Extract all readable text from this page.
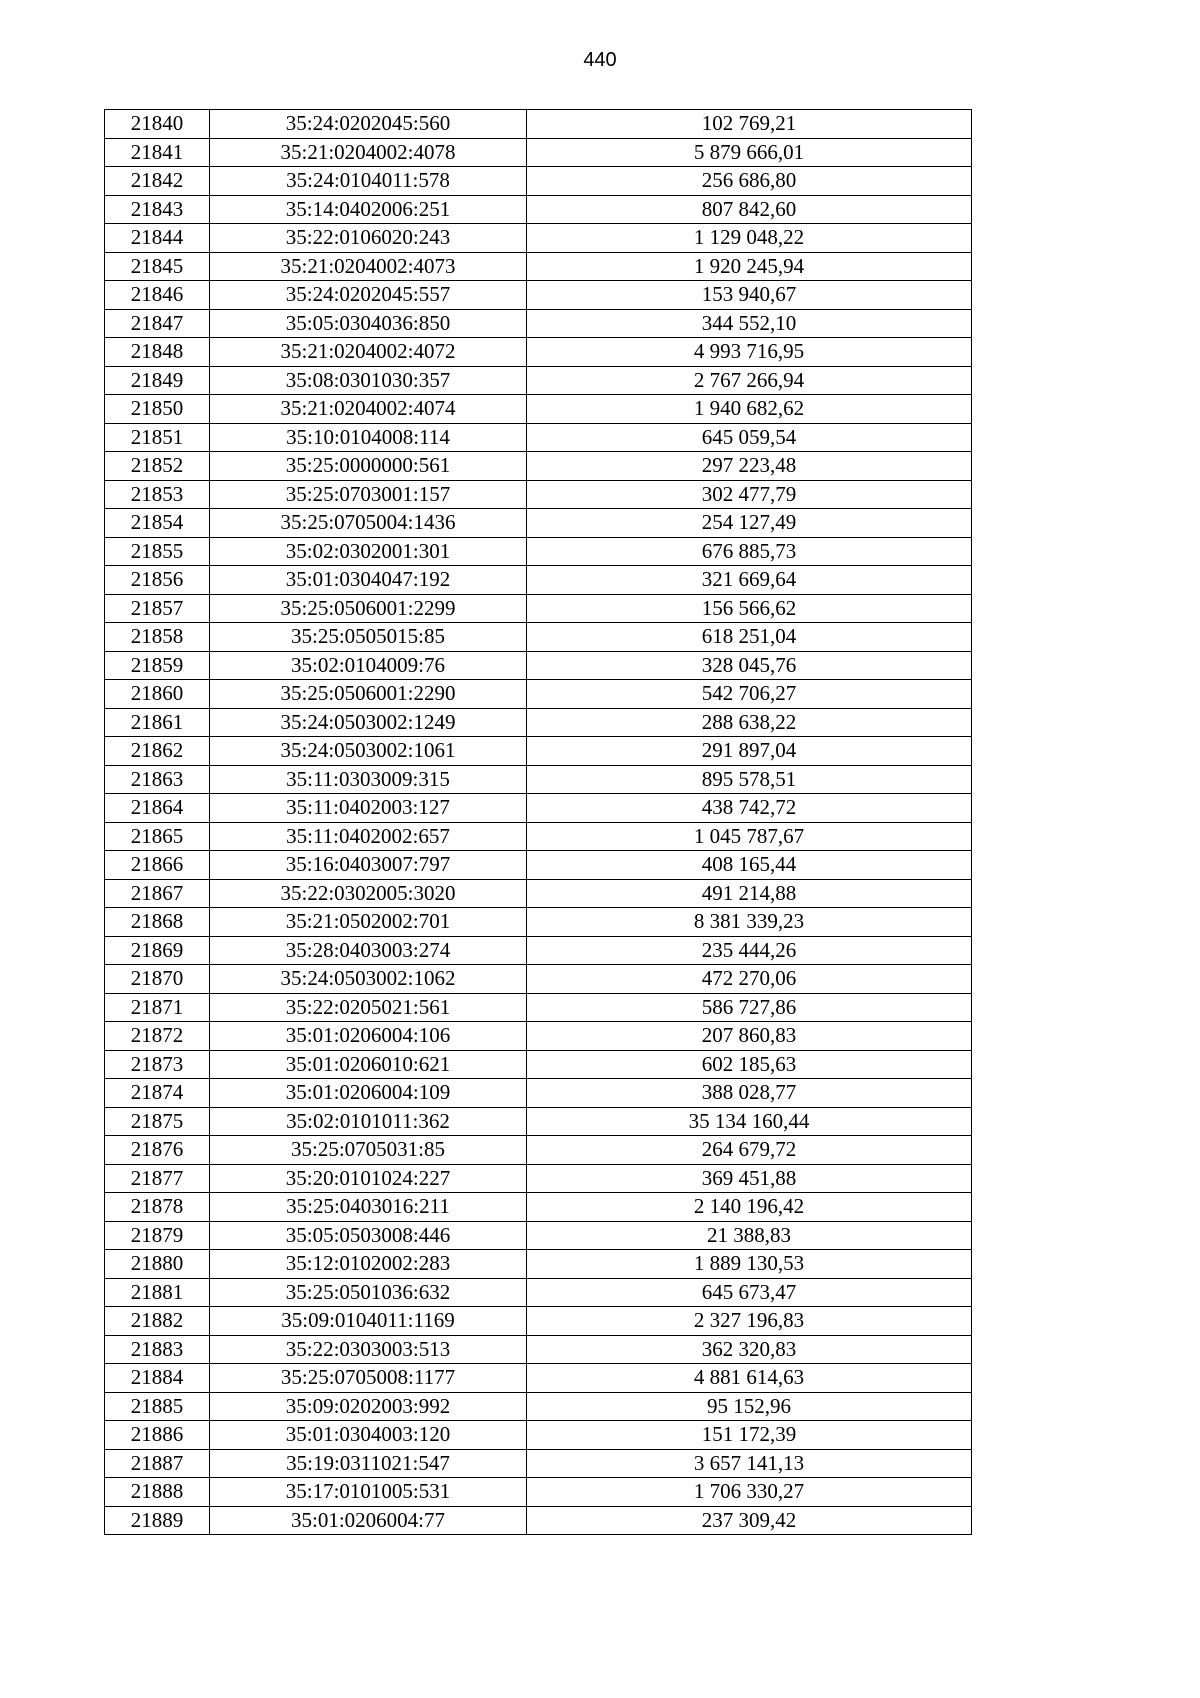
440
21840	35:24:0202045:560	102 769,21
21841	35:21:0204002:4078	5 879 666,01
21842	35:24:0104011:578	256 686,80
21843	35:14:0402006:251	807 842,60
21844	35:22:0106020:243	1 129 048,22
21845	35:21:0204002:4073	1 920 245,94
21846	35:24:0202045:557	153 940,67
21847	35:05:0304036:850	344 552,10
21848	35:21:0204002:4072	4 993 716,95
21849	35:08:0301030:357	2 767 266,94
21850	35:21:0204002:4074	1 940 682,62
21851	35:10:0104008:114	645 059,54
21852	35:25:0000000:561	297 223,48
21853	35:25:0703001:157	302 477,79
21854	35:25:0705004:1436	254 127,49
21855	35:02:0302001:301	676 885,73
21856	35:01:0304047:192	321 669,64
21857	35:25:0506001:2299	156 566,62
21858	35:25:0505015:85	618 251,04
21859	35:02:0104009:76	328 045,76
21860	35:25:0506001:2290	542 706,27
21861	35:24:0503002:1249	288 638,22
21862	35:24:0503002:1061	291 897,04
21863	35:11:0303009:315	895 578,51
21864	35:11:0402003:127	438 742,72
21865	35:11:0402002:657	1 045 787,67
21866	35:16:0403007:797	408 165,44
21867	35:22:0302005:3020	491 214,88
21868	35:21:0502002:701	8 381 339,23
21869	35:28:0403003:274	235 444,26
21870	35:24:0503002:1062	472 270,06
21871	35:22:0205021:561	586 727,86
21872	35:01:0206004:106	207 860,83
21873	35:01:0206010:621	602 185,63
21874	35:01:0206004:109	388 028,77
21875	35:02:0101011:362	35 134 160,44
21876	35:25:0705031:85	264 679,72
21877	35:20:0101024:227	369 451,88
21878	35:25:0403016:211	2 140 196,42
21879	35:05:0503008:446	21 388,83
21880	35:12:0102002:283	1 889 130,53
21881	35:25:0501036:632	645 673,47
21882	35:09:0104011:1169	2 327 196,83
21883	35:22:0303003:513	362 320,83
21884	35:25:0705008:1177	4 881 614,63
21885	35:09:0202003:992	95 152,96
21886	35:01:0304003:120	151 172,39
21887	35:19:0311021:547	3 657 141,13
21888	35:17:0101005:531	1 706 330,27
21889	35:01:0206004:77	237 309,42
